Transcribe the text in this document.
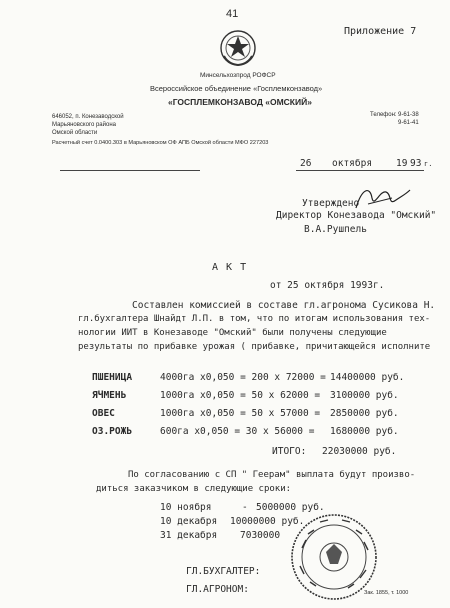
41
Приложение 7
Минсельхозпрод РОФСР
Всероссийское объединение «Госплемконзавод»
«ГОСПЛЕМКОНЗАВОД «ОМСКИЙ»
646052, п. Конезаводской
Марьяновского района
Омской области
Телефон: 9-61-38
9-61-41
Расчетный счет 0.0400.303 в Марьяновском ОФ АПБ Омской области МФО 227203
26 октября	19 93 г.
Утверждено
Директор Конезавода "Омский"
В.А.Рушпель
А К Т
от 25 октября 1993г.
Составлен комиссией в составе гл.агронома Сусикова Н.
гл.бухгалтера Шнайдт Л.П. в том, что по итогам использования тех-
нологии ИИТ в Конезаводе "Омский" были получены следующие
результаты по прибавке урожая ( прибавке, причитающейся исполните
ПШЕНИЦА	4000га х0,050 = 200 х 72000 = 14400000 руб.
ЯЧМЕНЬ	1000га х0,050 = 50 х 62000 = 3100000 руб.
ОВЕС	1000га х0,050 = 50 х 57000 = 2850000 руб.
ОЗ.РОЖЬ	600га х0,050 = 30 х 56000 = 1680000 руб.
ИТОГО: 22030000 руб.
По согласованию с СП " Геерам" выплата будут произво-
диться заказчиком в следующие сроки:
10 ноября	- 5000000 руб.
10 декабря 10000000 руб.
31 декабря 7030000
ГЛ.БУХГАЛТЕР:
ГЛ.АГРОНОМ:	Зак. 1855, т. 1000
